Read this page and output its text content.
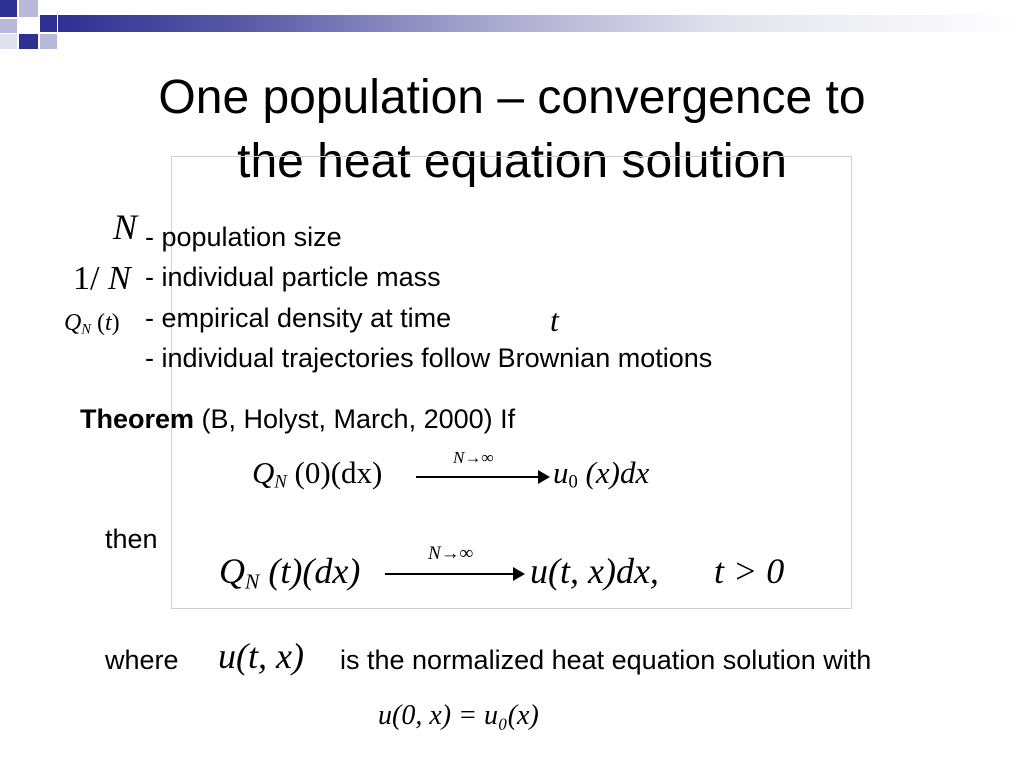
One population – convergence to
the heat equation solution
N - population size
1/ N - individual particle mass
$Q_N$ (t) - empirical density at time	t
- individual trajectories follow Brownian motions
Theorem (B, Holyst, March, 2000) If
$Q_N$ (0)(dx)	N→∞ $u_0$ (x)dx
then
$Q_N$ (t)(dx)	N→∞ u(t, x)dx, t > 0
where u(t, x) is the normalized heat equation solution with
u(0, x) = u₀(x)
